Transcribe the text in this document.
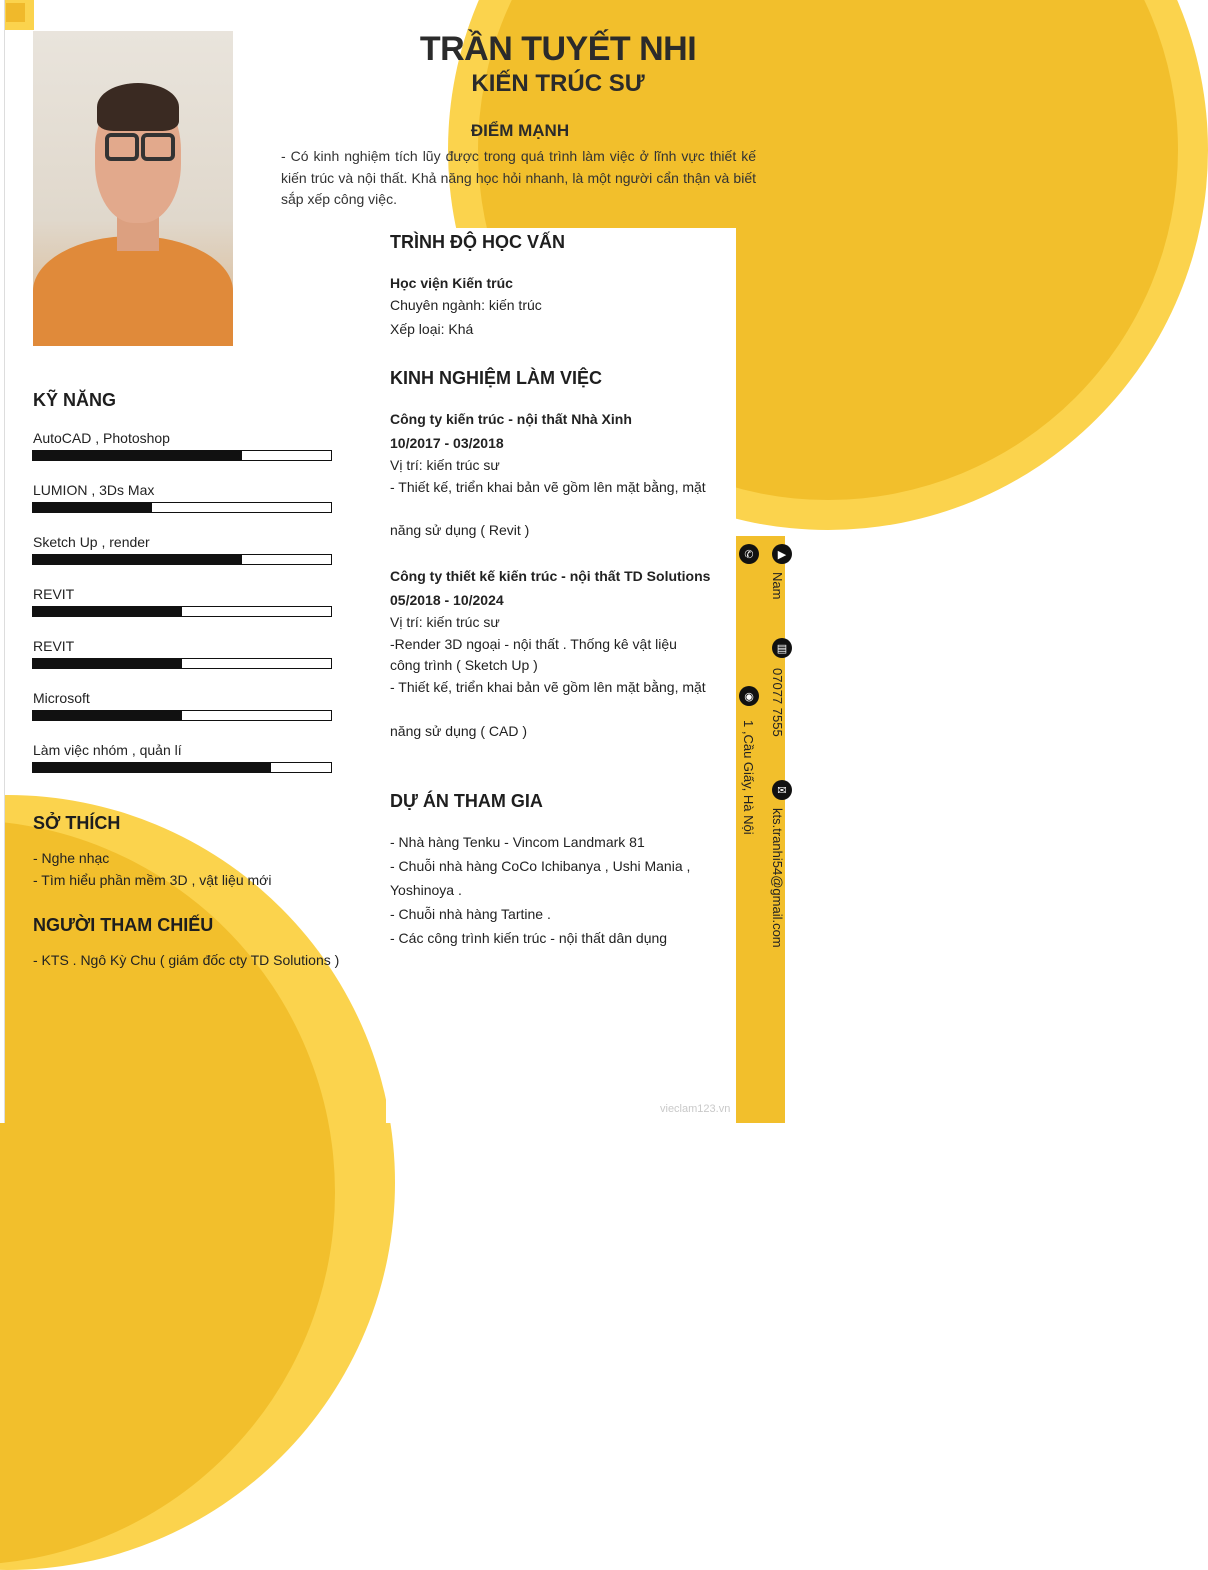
TRẦN TUYẾT NHI
KIẾN TRÚC SƯ
ĐIỂM MẠNH
- Có kinh nghiệm tích lũy được trong quá trình làm việc ở lĩnh vực thiết kế kiến trúc và nội thất. Khả năng học hỏi nhanh, là một người cẩn thận và biết sắp xếp công việc.
KỸ NĂNG
AutoCAD , Photoshop
LUMION , 3Ds Max
Sketch Up , render
REVIT
REVIT
Microsoft
Làm việc nhóm , quản lí
SỞ THÍCH
- Nghe nhạc
- Tìm hiểu phần mềm 3D , vật liệu mới
NGƯỜI THAM CHIẾU
- KTS . Ngô Kỳ Chu ( giám đốc cty TD Solutions )
TRÌNH ĐỘ HỌC VẤN
Học viện Kiến trúc
Chuyên ngành: kiến trúc
Xếp loại: Khá
KINH NGHIỆM LÀM VIỆC
Công ty kiến trúc - nội thất Nhà Xinh
10/2017 - 03/2018
Vị trí: kiến trúc sư
- Thiết kế, triển khai bản vẽ gồm lên mặt bằng, mặt
năng sử dụng ( Revit )
Công ty thiết kế kiến trúc - nội thất TD Solutions
05/2018 - 10/2024
Vị trí: kiến trúc sư
-Render 3D ngoại - nội thất . Thống kê vật liệu
công trình ( Sketch Up )
- Thiết kế, triển khai bản vẽ gồm lên mặt bằng, mặt
năng sử dụng ( CAD )
DỰ ÁN THAM GIA
- Nhà hàng Tenku - Vincom Landmark 81
- Chuỗi nhà hàng CoCo Ichibanya , Ushi Mania ,
Yoshinoya .
- Chuỗi nhà hàng Tartine .
- Các công trình kiến trúc - nội thất dân dụng
✆	▶
▤
◉
✉
1 ,Cầu Giấy, Hà Nội
Nam
07077 7555
kts.tranhi54@gmail.com
vieclam123.vn
